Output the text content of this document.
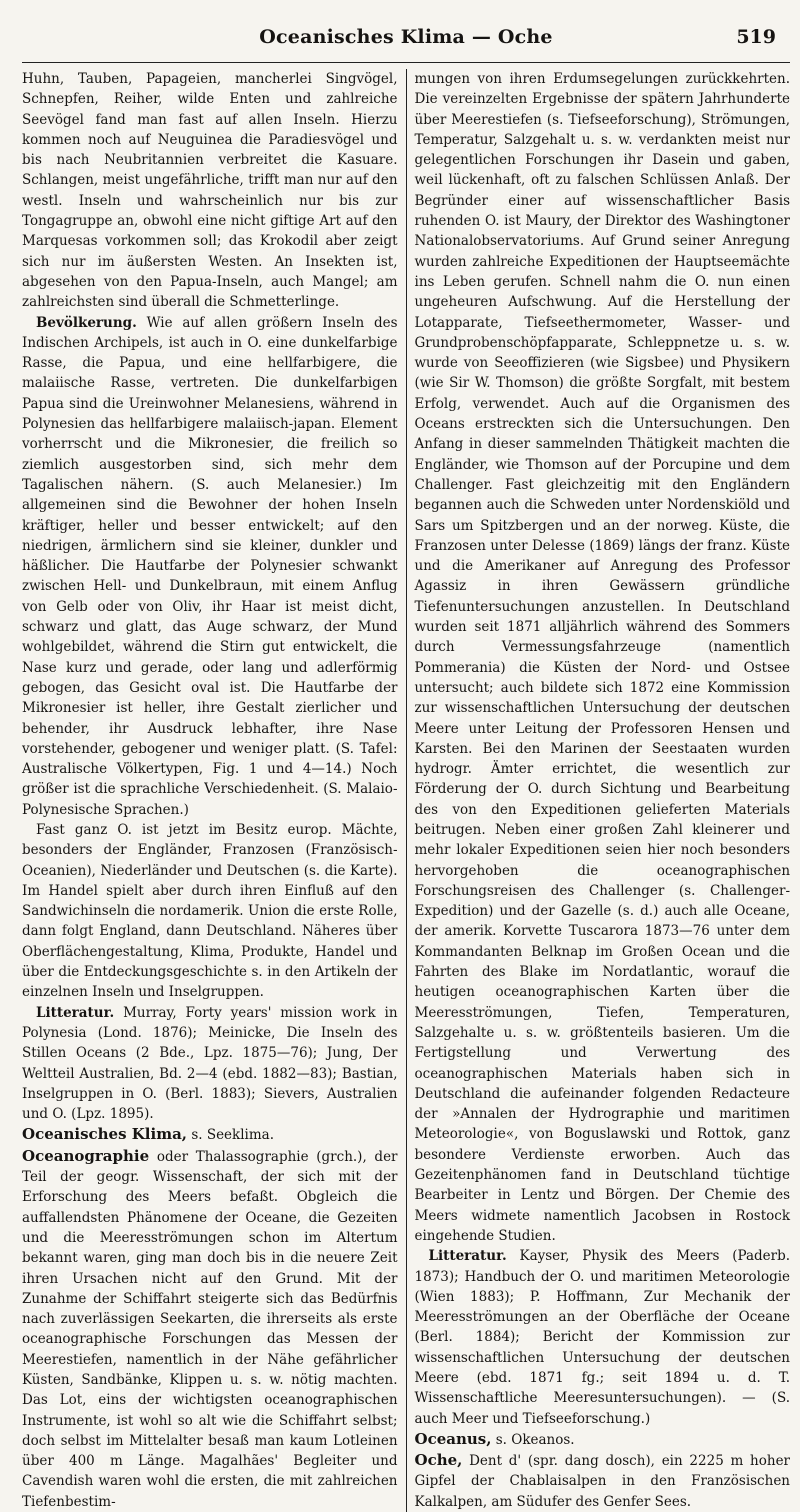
Oceanisches Klima — Oche	519

Huhn, Tauben, Papageien, mancherlei Singvögel, Schnepfen, Reiher, wilde Enten und zahlreiche Seevögel fand man fast auf allen Inseln. Hierzu kommen noch auf Neuguinea die Paradiesvögel und bis nach Neubritannien verbreitet die Kasuare. Schlangen, meist ungefährliche, trifft man nur auf den westl. Inseln und wahrscheinlich nur bis zur Tongagruppe an, obwohl eine nicht giftige Art auf den Marquesas vorkommen soll; das Krokodil aber zeigt sich nur im äußersten Westen. An Insekten ist, abgesehen von den Papua-Inseln, auch Mangel; am zahlreichsten sind überall die Schmetterlinge.

Bevölkerung. Wie auf allen größern Inseln des Indischen Archipels, ist auch in O. eine dunkelfarbige Rasse, die Papua, und eine hellfarbigere, die malaiische Rasse, vertreten. Die dunkelfarbigen Papua sind die Ureinwohner Melanesiens, während in Polynesien das hellfarbigere malaiisch-japan. Element vorherrscht und die Mikronesier, die freilich so ziemlich ausgestorben sind, sich mehr dem Tagalischen nähern. (S. auch Melanesier.) Im allgemeinen sind die Bewohner der hohen Inseln kräftiger, heller und besser entwickelt; auf den niedrigen, ärmlichern sind sie kleiner, dunkler und häßlicher. Die Hautfarbe der Polynesier schwankt zwischen Hell- und Dunkelbraun, mit einem Anflug von Gelb oder von Oliv, ihr Haar ist meist dicht, schwarz und glatt, das Auge schwarz, der Mund wohlgebildet, während die Stirn gut entwickelt, die Nase kurz und gerade, oder lang und adlerförmig gebogen, das Gesicht oval ist. Die Hautfarbe der Mikronesier ist heller, ihre Gestalt zierlicher und behender, ihr Ausdruck lebhafter, ihre Nase vorstehender, gebogener und weniger platt. (S. Tafel: Australische Völkertypen, Fig. 1 und 4—14.) Noch größer ist die sprachliche Verschiedenheit. (S. Malaio-Polynesische Sprachen.)

Fast ganz O. ist jetzt im Besitz europ. Mächte, besonders der Engländer, Franzosen (Französisch-Oceanien), Niederländer und Deutschen (s. die Karte). Im Handel spielt aber durch ihren Einfluß auf den Sandwichinseln die nordamerik. Union die erste Rolle, dann folgt England, dann Deutschland. Näheres über Oberflächengestaltung, Klima, Produkte, Handel und über die Entdeckungsgeschichte s. in den Artikeln der einzelnen Inseln und Inselgruppen.

Litteratur. Murray, Forty years' mission work in Polynesia (Lond. 1876); Meinicke, Die Inseln des Stillen Oceans (2 Bde., Lpz. 1875—76); Jung, Der Weltteil Australien, Bd. 2—4 (ebd. 1882—83); Bastian, Inselgruppen in O. (Berl. 1883); Sievers, Australien und O. (Lpz. 1895).

Oceanisches Klima, s. Seeklima.

Oceanographie oder Thalassographie (grch.), der Teil der geogr. Wissenschaft, der sich mit der Erforschung des Meers befaßt. Obgleich die auffallendsten Phänomene der Oceane, die Gezeiten und die Meeresströmungen schon im Altertum bekannt waren, ging man doch bis in die neuere Zeit ihren Ursachen nicht auf den Grund. Mit der Zunahme der Schiffahrt steigerte sich das Bedürfnis nach zuverlässigen Seekarten, die ihrerseits als erste oceanographische Forschungen das Messen der Meerestiefen, namentlich in der Nähe gefährlicher Küsten, Sandbänke, Klippen u. s. w. nötig machten. Das Lot, eins der wichtigsten oceanographischen Instrumente, ist wohl so alt wie die Schiffahrt selbst; doch selbst im Mittelalter besaß man kaum Lotleinen über 400 m Länge. Magalhães' Begleiter und Cavendish waren wohl die ersten, die mit zahlreichen Tiefenbestim-

mungen von ihren Erdumsegelungen zurückkehrten. Die vereinzelten Ergebnisse der spätern Jahrhunderte über Meerestiefen (s. Tiefseeforschung), Strömungen, Temperatur, Salzgehalt u. s. w. verdankten meist nur gelegentlichen Forschungen ihr Dasein und gaben, weil lückenhaft, oft zu falschen Schlüssen Anlaß. Der Begründer einer auf wissenschaftlicher Basis ruhenden O. ist Maury, der Direktor des Washingtoner Nationalobservatoriums. Auf Grund seiner Anregung wurden zahlreiche Expeditionen der Hauptseemächte ins Leben gerufen. Schnell nahm die O. nun einen ungeheuren Aufschwung. Auf die Herstellung der Lotapparate, Tiefseethermometer, Wasser- und Grundprobenschöpfapparate, Schleppnetze u. s. w. wurde von Seeoffizieren (wie Sigsbee) und Physikern (wie Sir W. Thomson) die größte Sorgfalt, mit bestem Erfolg, verwendet. Auch auf die Organismen des Oceans erstreckten sich die Untersuchungen. Den Anfang in dieser sammelnden Thätigkeit machten die Engländer, wie Thomson auf der Porcupine und dem Challenger. Fast gleichzeitig mit den Engländern begannen auch die Schweden unter Nordenskiöld und Sars um Spitzbergen und an der norweg. Küste, die Franzosen unter Delesse (1869) längs der franz. Küste und die Amerikaner auf Anregung des Professor Agassiz in ihren Gewässern gründliche Tiefenuntersuchungen anzustellen. In Deutschland wurden seit 1871 alljährlich während des Sommers durch Vermessungsfahrzeuge (namentlich Pommerania) die Küsten der Nord- und Ostsee untersucht; auch bildete sich 1872 eine Kommission zur wissenschaftlichen Untersuchung der deutschen Meere unter Leitung der Professoren Hensen und Karsten. Bei den Marinen der Seestaaten wurden hydrogr. Ämter errichtet, die wesentlich zur Förderung der O. durch Sichtung und Bearbeitung des von den Expeditionen gelieferten Materials beitrugen. Neben einer großen Zahl kleinerer und mehr lokaler Expeditionen seien hier noch besonders hervorgehoben die oceanographischen Forschungsreisen des Challenger (s. Challenger-Expedition) und der Gazelle (s. d.) auch alle Oceane, der amerik. Korvette Tuscarora 1873—76 unter dem Kommandanten Belknap im Großen Ocean und die Fahrten des Blake im Nordatlantic, worauf die heutigen oceanographischen Karten über die Meeresströmungen, Tiefen, Temperaturen, Salzgehalte u. s. w. größtenteils basieren. Um die Fertigstellung und Verwertung des oceanographischen Materials haben sich in Deutschland die aufeinander folgenden Redacteure der »Annalen der Hydrographie und maritimen Meteorologie«, von Boguslawski und Rottok, ganz besondere Verdienste erworben. Auch das Gezeitenphänomen fand in Deutschland tüchtige Bearbeiter in Lentz und Börgen. Der Chemie des Meers widmete namentlich Jacobsen in Rostock eingehende Studien.

Litteratur. Kayser, Physik des Meers (Paderb. 1873); Handbuch der O. und maritimen Meteorologie (Wien 1883); P. Hoffmann, Zur Mechanik der Meeresströmungen an der Oberfläche der Oceane (Berl. 1884); Bericht der Kommission zur wissenschaftlichen Untersuchung der deutschen Meere (ebd. 1871 fg.; seit 1894 u. d. T. Wissenschaftliche Meeresuntersuchungen). — (S. auch Meer und Tiefseeforschung.)

Oceanus, s. Okeanos.

Oche, Dent d' (spr. dang dosch), ein 2225 m hoher Gipfel der Chablaisalpen in den Französischen Kalkalpen, am Südufer des Genfer Sees.
